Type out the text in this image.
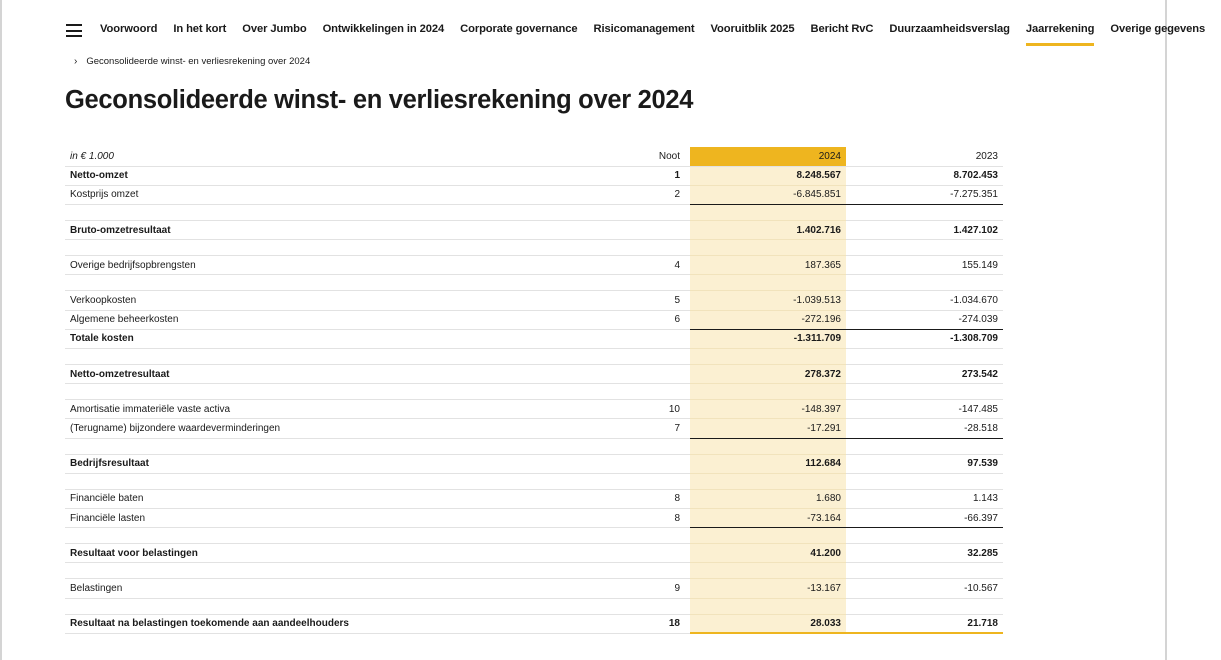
Voorwoord In het kort Over Jumbo Ontwikkelingen in 2024 Corporate governance Risicomanagement Vooruitblik 2025 Bericht RvC Duurzaamheidsverslag Jaarrekening Overige gegevens
› Geconsolideerde winst- en verliesrekening over 2024
Geconsolideerde winst- en verliesrekening over 2024
in € 1.000	Noot	2024	2023
Netto-omzet	1	8.248.567	8.702.453
Kostprijs omzet	2	-6.845.851	-7.275.351

Bruto-omzetresultaat		1.402.716	1.427.102

Overige bedrijfsopbrengsten	4	187.365	155.149

Verkoopkosten	5	-1.039.513	-1.034.670
Algemene beheerkosten	6	-272.196	-274.039
Totale kosten		-1.311.709	-1.308.709

Netto-omzetresultaat		278.372	273.542

Amortisatie immateriële vaste activa	10	-148.397	-147.485
(Terugname) bijzondere waardeverminderingen	7	-17.291	-28.518

Bedrijfsresultaat		112.684	97.539

Financiële baten	8	1.680	1.143
Financiële lasten	8	-73.164	-66.397

Resultaat voor belastingen		41.200	32.285

Belastingen	9	-13.167	-10.567

Resultaat na belastingen toekomende aan aandeelhouders	18	28.033	21.718
